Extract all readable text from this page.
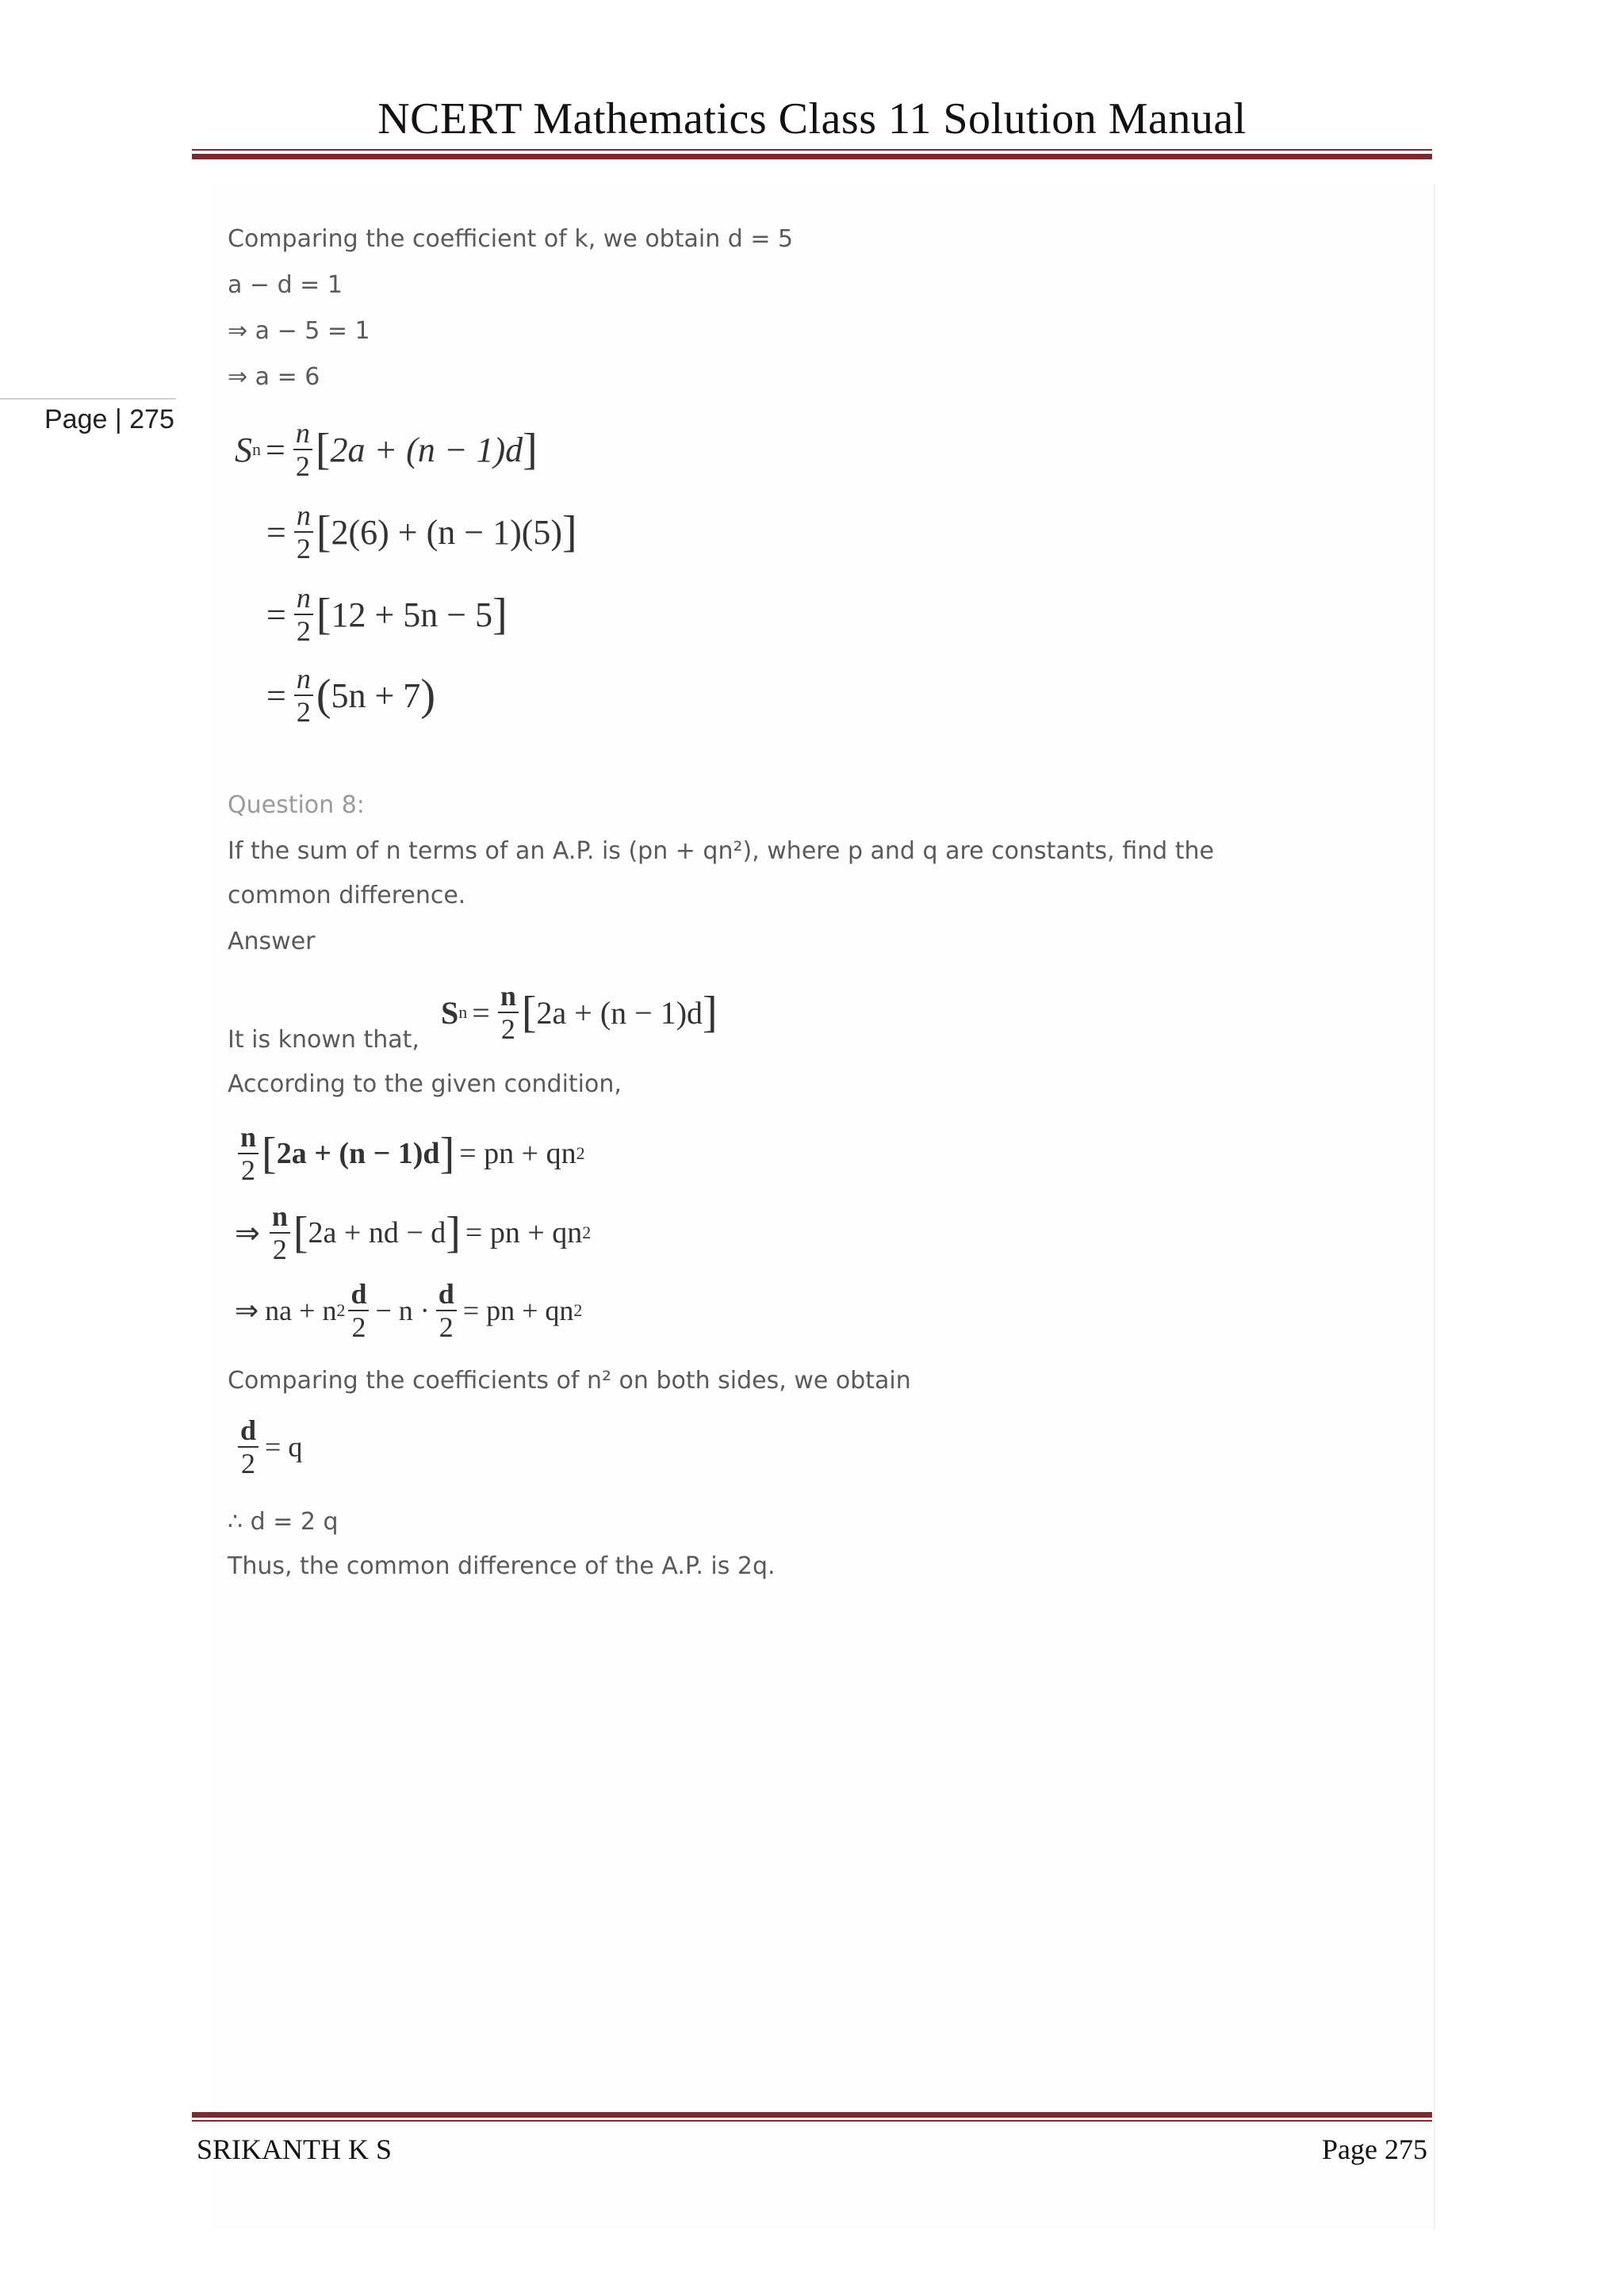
NCERT Mathematics Class 11 Solution Manual
Page | 275
Comparing the coefficient of k, we obtain d = 5
a − d = 1
⇒ a − 5 = 1
⇒ a = 6
S $n = \frac{n}{2}$ [ 2a + (n − 1)d ]
= $\frac{n}{2}$ [ 2(6) + (n − 1)(5) ]
= $\frac{n}{2}$ [ 12 + 5n − 5 ]
= $\frac{n}{2}$ ( 5n + 7 )
Question 8:
If the sum of n terms of an A.P. is (pn + qn²), where p and q are constants, find the
common difference.
Answer
It is known that,
S $n = \frac{n}{2}$ [ 2a + (n − 1)d ]
According to the given condition,
$\frac{n}{2}$ [ 2a + (n − 1)d ] = pn + qn 2
⇒ $\frac{n}{2}$ [ 2a + nd − d ] = pn + qn 2
⇒ na + n $2 \frac{d}{2} - n \cdot \frac{d}{2}$ = pn + qn 2
Comparing the coefficients of n² on both sides, we obtain
$\frac{d}{2} = q$
∴ d = 2 q
Thus, the common difference of the A.P. is 2q.
SRIKANTH K S	Page 275
